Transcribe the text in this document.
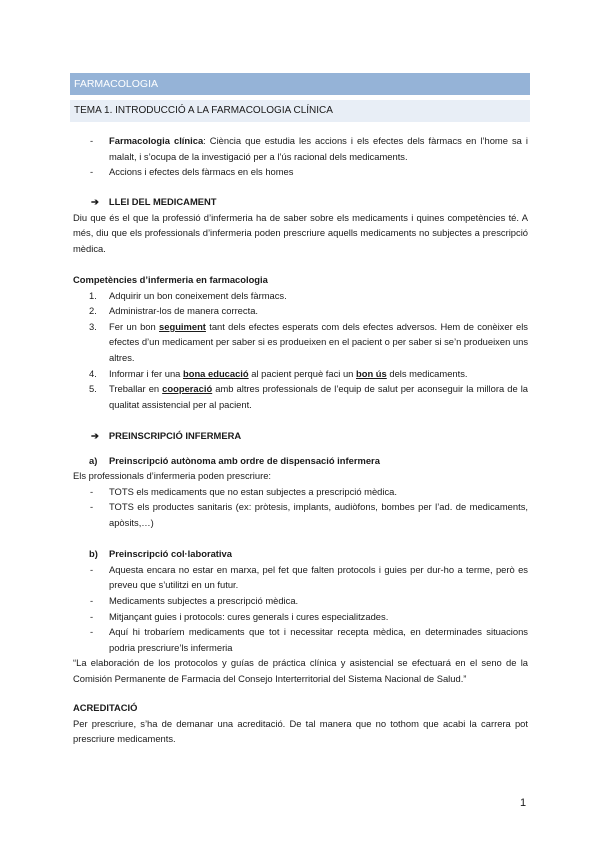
FARMACOLOGIA
TEMA 1. INTRODUCCIÓ A LA FARMACOLOGIA CLÍNICA
- Farmacologia clínica: Ciència que estudia les accions i els efectes dels fàrmacs en l’home sa i malalt, i s’ocupa de la investigació per a l’ús racional dels medicaments.
- Accions i efectes dels fàrmacs en els homes
➔ LLEI DEL MEDICAMENT

Diu que és el que la professió d’infermeria ha de saber sobre els medicaments i quines competències té. A més, diu que els professionals d’infermeria poden prescriure aquells medicaments no subjectes a prescripció mèdica.

Competències d’infermeria en farmacologia
1. Adquirir un bon coneixement dels fàrmacs.
2. Administrar-los de manera correcta.
3. Fer un bon seguiment tant dels efectes esperats com dels efectes adversos. Hem de conèixer els efectes d’un medicament per saber si es produeixen en el pacient o per saber si se’n produeixen uns altres.
4. Informar i fer una bona educació al pacient perquè faci un bon ús dels medicaments.
5. Treballar en cooperació amb altres professionals de l’equip de salut per aconseguir la millora de la qualitat assistencial per al pacient.
➔ PREINSCRIPCIÓ INFERMERA
a) Preinscripció autònoma amb ordre de dispensació infermera

Els professionals d’infermeria poden prescriure:

- TOTS els medicaments que no estan subjectes a prescripció mèdica.
- TOTS els productes sanitaris (ex: pròtesis, implants, audiòfons, bombes per l’ad. de medicaments, apòsits,…)
b) Preinscripció col·laborativa
- Aquesta encara no estar en marxa, pel fet que falten protocols i guies per dur-ho a terme, però es preveu que s’utilitzi en un futur.
- Medicaments subjectes a prescripció mèdica.
- Mitjançant guies i protocols: cures generals i cures especialitzades.
- Aquí hi trobaríem medicaments que tot i necessitar recepta mèdica, en determinades situacions podria prescriure’ls infermeria

“La elaboración de los protocolos y guías de práctica clínica y asistencial se efectuará en el seno de la Comisión Permanente de Farmacia del Consejo Interterritorial del Sistema Nacional de Salud.”

ACREDITACIÓ

Per prescriure, s’ha de demanar una acreditació. De tal manera que no tothom que acabi la carrera pot prescriure medicaments.

1
